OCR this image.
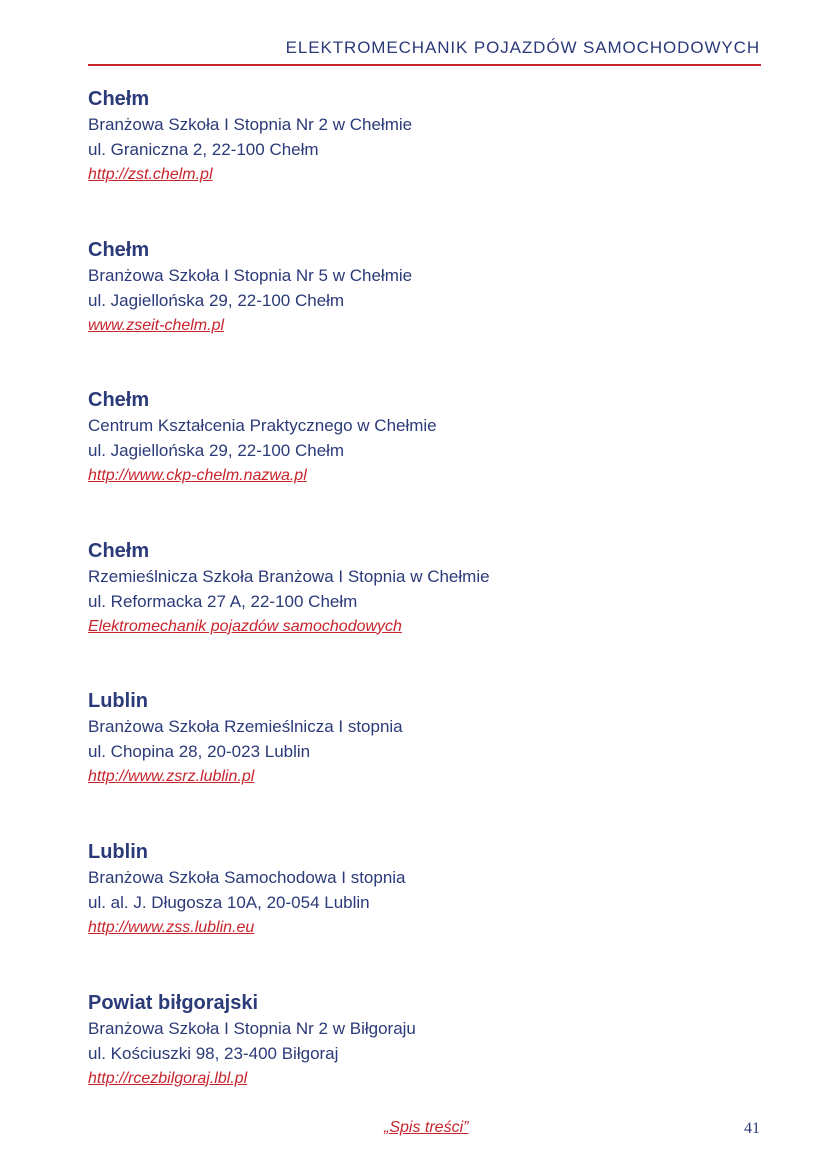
ELEKTROMECHANIK POJAZDÓW SAMOCHODOWYCH
Chełm
Branżowa Szkoła I Stopnia Nr 2 w Chełmie
ul. Graniczna 2, 22-100 Chełm
http://zst.chelm.pl
Chełm
Branżowa Szkoła I Stopnia Nr 5 w Chełmie
ul. Jagiellońska 29, 22-100 Chełm
www.zseit-chelm.pl
Chełm
Centrum Kształcenia Praktycznego w Chełmie
ul. Jagiellońska 29, 22-100 Chełm
http://www.ckp-chelm.nazwa.pl
Chełm
Rzemieślnicza Szkoła Branżowa I Stopnia w Chełmie
ul. Reformacka 27 A, 22-100 Chełm
Elektromechanik pojazdów samochodowych
Lublin
Branżowa Szkoła Rzemieślnicza I stopnia
ul. Chopina 28, 20-023 Lublin
http://www.zsrz.lublin.pl
Lublin
Branżowa Szkoła Samochodowa I stopnia
ul. al. J. Długosza 10A, 20-054 Lublin
http://www.zss.lublin.eu
Powiat biłgorajski
Branżowa Szkoła I Stopnia Nr 2 w Biłgoraju
ul. Kościuszki 98, 23-400 Biłgoraj
http://rcezbilgoraj.lbl.pl
„Spis treści”	41
